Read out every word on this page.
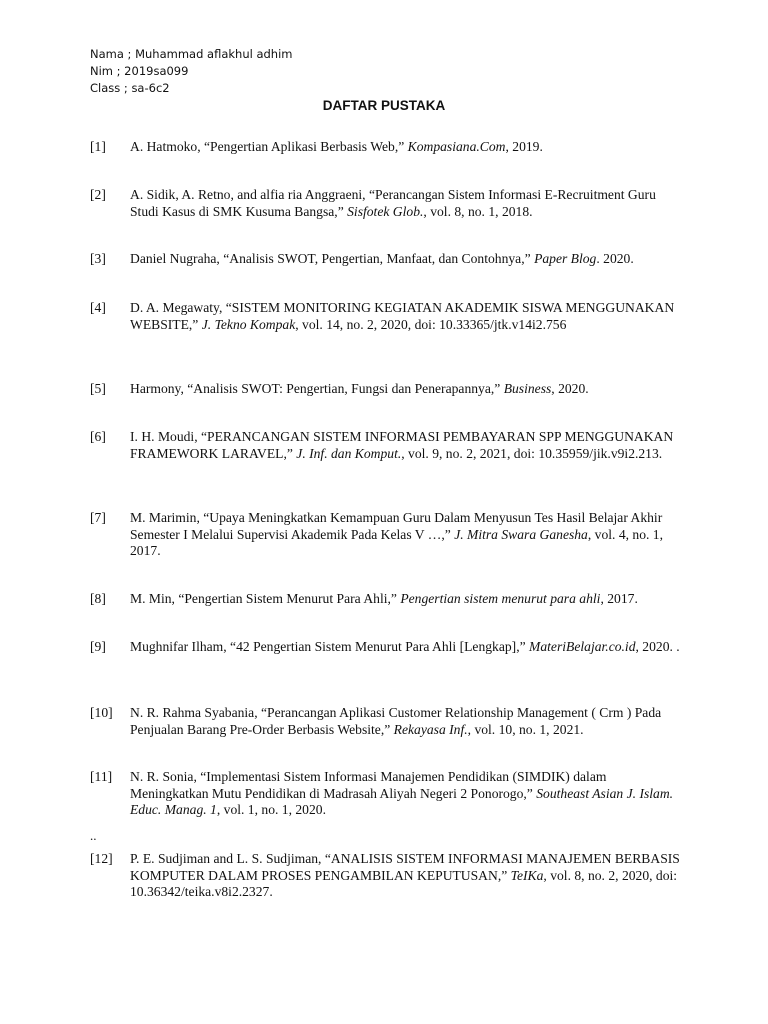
Nama ; Muhammad aflakhul adhim
Nim ; 2019sa099
Class ; sa-6c2
DAFTAR PUSTAKA
[1] A. Hatmoko, “Pengertian Aplikasi Berbasis Web,” Kompasiana.Com, 2019.
[2] A. Sidik, A. Retno, and alfia ria Anggraeni, “Perancangan Sistem Informasi E-Recruitment Guru Studi Kasus di SMK Kusuma Bangsa,” Sisfotek Glob., vol. 8, no. 1, 2018.
[3] Daniel Nugraha, “Analisis SWOT, Pengertian, Manfaat, dan Contohnya,” Paper Blog. 2020.
[4] D. A. Megawaty, “SISTEM MONITORING KEGIATAN AKADEMIK SISWA MENGGUNAKAN WEBSITE,” J. Tekno Kompak, vol. 14, no. 2, 2020, doi: 10.33365/jtk.v14i2.756
[5] Harmony, “Analisis SWOT: Pengertian, Fungsi dan Penerapannya,” Business, 2020.
[6] I. H. Moudi, “PERANCANGAN SISTEM INFORMASI PEMBAYARAN SPP MENGGUNAKAN FRAMEWORK LARAVEL,” J. Inf. dan Komput., vol. 9, no. 2, 2021, doi: 10.35959/jik.v9i2.213.
[7] M. Marimin, “Upaya Meningkatkan Kemampuan Guru Dalam Menyusun Tes Hasil Belajar Akhir Semester I Melalui Supervisi Akademik Pada Kelas V …,” J. Mitra Swara Ganesha, vol. 4, no. 1, 2017.
[8] M. Min, “Pengertian Sistem Menurut Para Ahli,” Pengertian sistem menurut para ahli, 2017.
[9] Mughnifar Ilham, “42 Pengertian Sistem Menurut Para Ahli [Lengkap],” MateriBelajar.co.id, 2020. .
[10] N. R. Rahma Syabania, “Perancangan Aplikasi Customer Relationship Management ( Crm ) Pada Penjualan Barang Pre-Order Berbasis Website,” Rekayasa Inf., vol. 10, no. 1, 2021.
[11] N. R. Sonia, “Implementasi Sistem Informasi Manajemen Pendidikan (SIMDIK) dalam Meningkatkan Mutu Pendidikan di Madrasah Aliyah Negeri 2 Ponorogo,” Southeast Asian J. Islam. Educ. Manag. 1, vol. 1, no. 1, 2020.
..
[12] P. E. Sudjiman and L. S. Sudjiman, “ANALISIS SISTEM INFORMASI MANAJEMEN BERBASIS KOMPUTER DALAM PROSES PENGAMBILAN KEPUTUSAN,” TeIKa, vol. 8, no. 2, 2020, doi: 10.36342/teika.v8i2.2327.
